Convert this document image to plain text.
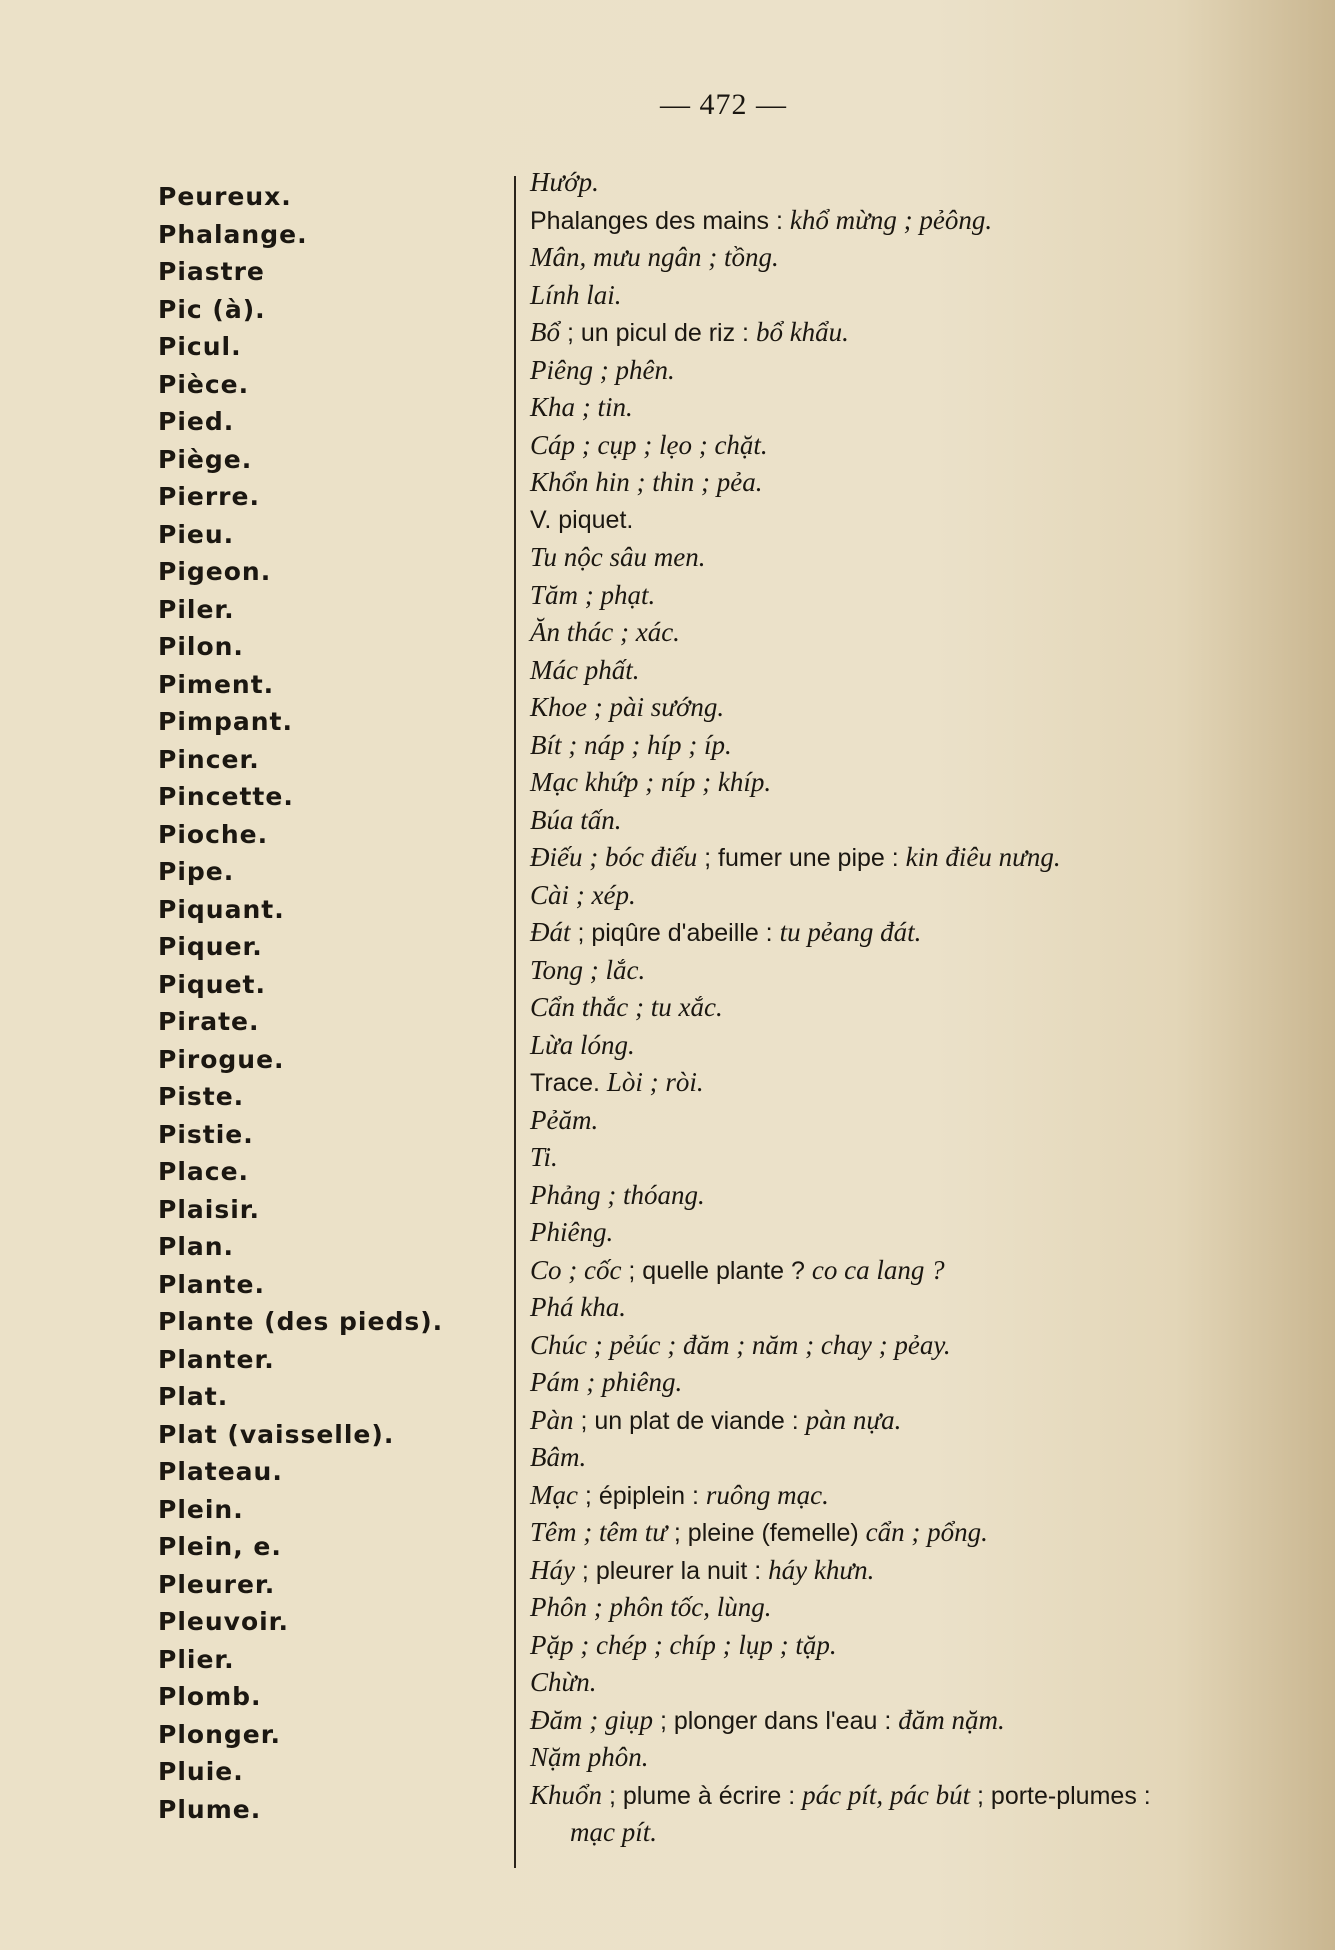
— 472 —
Peureux.
Phalange.
Piastre
Pic (à).
Picul.
Pièce.
Pied.
Piège.
Pierre.
Pieu.
Pigeon.
Piler.
Pilon.
Piment.
Pimpant.
Pincer.
Pincette.
Pioche.
Pipe.
Piquant.
Piquer.
Piquet.
Pirate.
Pirogue.
Piste.
Pistie.
Place.
Plaisir.
Plan.
Plante.
Plante (des pieds).
Planter.
Plat.
Plat (vaisselle).
Plateau.
Plein.
Plein, e.
Pleurer.
Pleuvoir.
Plier.
Plomb.
Plonger.
Pluie.
Plume.
Hướp.
Phalanges des mains : khổ mừng ; pẻông.
Mân, mưu ngân ; tồng.
Lính lai.
Bổ ; un picul de riz : bổ khẩu.
Piêng ; phên.
Kha ; tin.
Cáp ; cụp ; lẹo ; chặt.
Khổn hin ; thin ; pẻa.
V. piquet.
Tu nộc sâu men.
Tăm ; phạt.
Ăn thác ; xác.
Mác phất.
Khoe ; pài sướng.
Bít ; náp ; híp ; íp.
Mạc khứp ; níp ; khíp.
Búa tấn.
Điếu ; bóc điếu ; fumer une pipe : kin điêu nưng.
Cài ; xép.
Đát ; piqûre d'abeille : tu pẻang đát.
Tong ; lắc.
Cẩn thắc ; tu xắc.
Lừa lóng.
Trace. Lòi ; ròi.
Pẻăm.
Ti.
Phảng ; thóang.
Phiêng.
Co ; cốc ; quelle plante ? co ca lang ?
Phá kha.
Chúc ; pẻúc ; đăm ; năm ; chay ; pẻay.
Pám ; phiêng.
Pàn ; un plat de viande : pàn nựa.
Bâm.
Mạc ; épiplein : ruông mạc.
Têm ; têm tư ; pleine (femelle) cẩn ; pổng.
Háy ; pleurer la nuit : háy khưn.
Phôn ; phôn tốc, lùng.
Pặp ; chép ; chíp ; lụp ; tặp.
Chừn.
Đăm ; giụp ; plonger dans l'eau : đăm nặm.
Nặm phôn.
Khuổn ; plume à écrire : pác pít, pác bút ; porte-plumes :
mạc pít.
